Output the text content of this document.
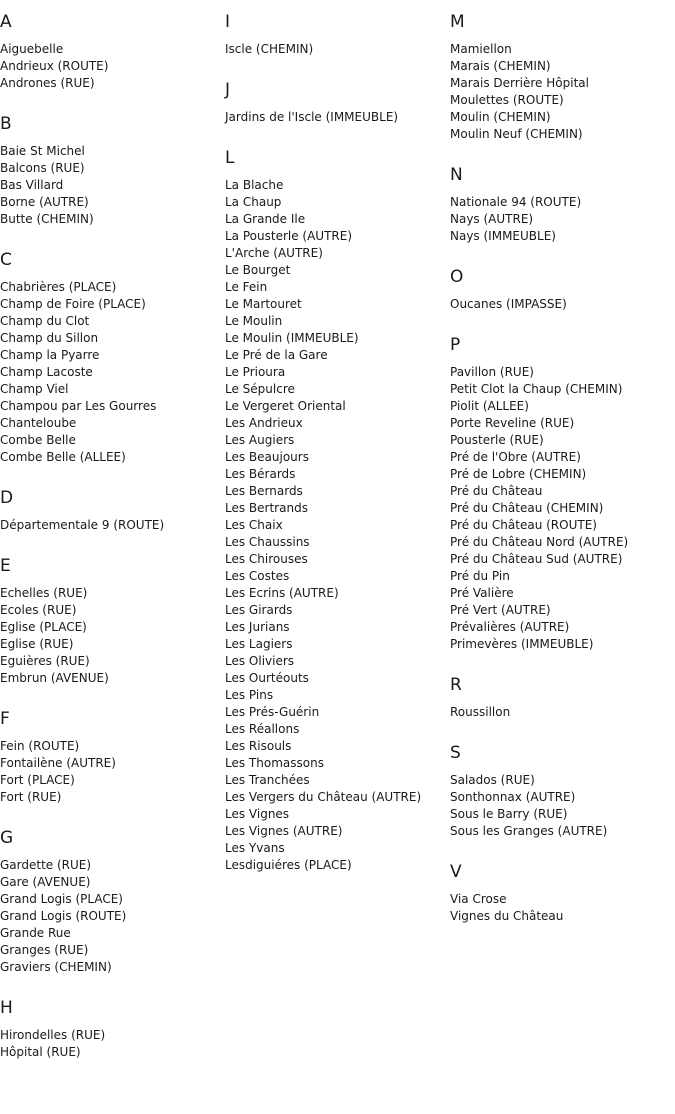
A
Aiguebelle
Andrieux (ROUTE)
Andrones (RUE)
B
Baie St Michel
Balcons (RUE)
Bas Villard
Borne (AUTRE)
Butte (CHEMIN)
C
Chabrières (PLACE)
Champ de Foire (PLACE)
Champ du Clot
Champ du Sillon
Champ la Pyarre
Champ Lacoste
Champ Viel
Champou par Les Gourres
Chanteloube
Combe Belle
Combe Belle (ALLEE)
D
Départementale 9 (ROUTE)
E
Echelles (RUE)
Ecoles (RUE)
Eglise (PLACE)
Eglise (RUE)
Eguières (RUE)
Embrun (AVENUE)
F
Fein (ROUTE)
Fontailène (AUTRE)
Fort (PLACE)
Fort (RUE)
G
Gardette (RUE)
Gare (AVENUE)
Grand Logis (PLACE)
Grand Logis (ROUTE)
Grande Rue
Granges (RUE)
Graviers (CHEMIN)
H
Hirondelles (RUE)
Hôpital (RUE)
I
Iscle (CHEMIN)
J
Jardins de l'Iscle (IMMEUBLE)
L
La Blache
La Chaup
La Grande Ile
La Pousterle (AUTRE)
L'Arche (AUTRE)
Le Bourget
Le Fein
Le Martouret
Le Moulin
Le Moulin (IMMEUBLE)
Le Pré de la Gare
Le Prioura
Le Sépulcre
Le Vergeret Oriental
Les Andrieux
Les Augiers
Les Beaujours
Les Bérards
Les Bernards
Les Bertrands
Les Chaix
Les Chaussins
Les Chirouses
Les Costes
Les Ecrins (AUTRE)
Les Girards
Les Jurians
Les Lagiers
Les Oliviers
Les Ourtéouts
Les Pins
Les Prés-Guérin
Les Réallons
Les Risouls
Les Thomassons
Les Tranchées
Les Vergers du Château (AUTRE)
Les Vignes
Les Vignes (AUTRE)
Les Yvans
Lesdiguiéres (PLACE)
M
Mamiellon
Marais (CHEMIN)
Marais Derrière Hôpital
Moulettes (ROUTE)
Moulin (CHEMIN)
Moulin Neuf (CHEMIN)
N
Nationale 94 (ROUTE)
Nays (AUTRE)
Nays (IMMEUBLE)
O
Oucanes (IMPASSE)
P
Pavillon (RUE)
Petit Clot la Chaup (CHEMIN)
Piolit (ALLEE)
Porte Reveline (RUE)
Pousterle (RUE)
Pré de l'Obre (AUTRE)
Pré de Lobre (CHEMIN)
Pré du Château
Pré du Château (CHEMIN)
Pré du Château (ROUTE)
Pré du Château Nord (AUTRE)
Pré du Château Sud (AUTRE)
Pré du Pin
Pré Valière
Pré Vert (AUTRE)
Prévalières (AUTRE)
Primevères (IMMEUBLE)
R
Roussillon
S
Salados (RUE)
Sonthonnax (AUTRE)
Sous le Barry (RUE)
Sous les Granges (AUTRE)
V
Via Crose
Vignes du Château
